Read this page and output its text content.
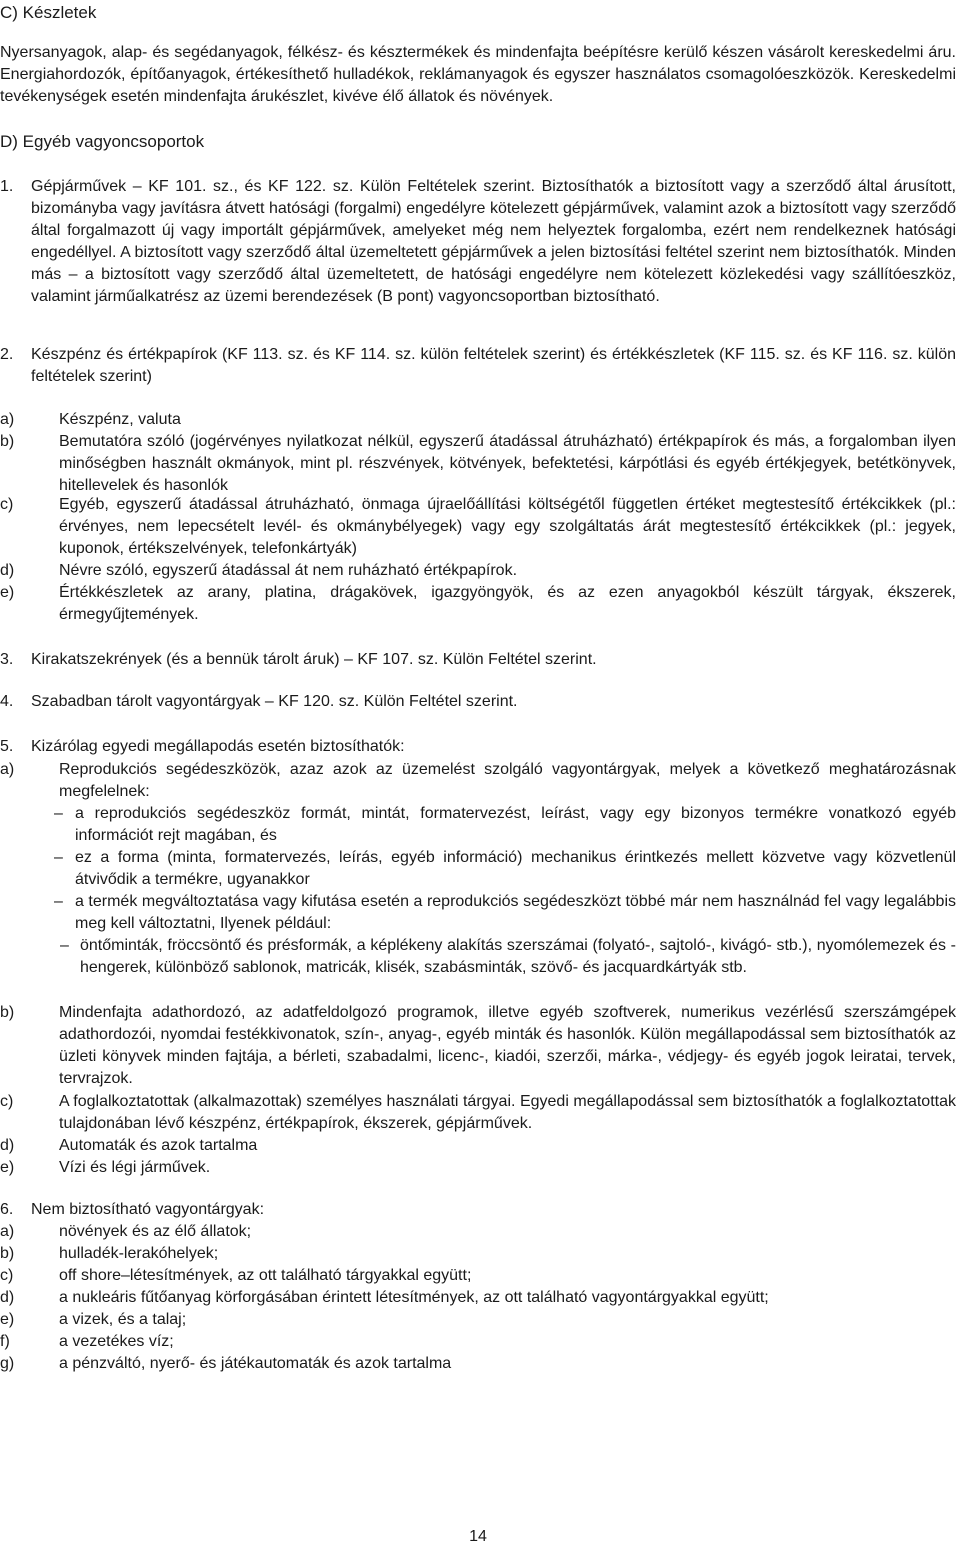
C) Készletek

Nyersanyagok, alap- és segédanyagok, félkész- és késztermékek és mindenfajta beépítésre kerülő készen vásárolt kereskedelmi áru. Energiahordozók, építőanyagok, értékesíthető hulladékok, reklámanyagok és egyszer használatos csomagolóeszközök. Kereskedelmi tevékenységek esetén mindenfajta árukészlet, kivéve élő állatok és növények.

D) Egyéb vagyoncsoportok
1. Gépjárművek – KF 101. sz., és KF 122. sz. Külön Feltételek szerint. Biztosíthatók a biztosított vagy a szerződő által árusított, bizományba vagy javításra átvett hatósági (forgalmi) engedélyre kötelezett gépjárművek, valamint azok a biztosított vagy szerződő által forgalmazott új vagy importált gépjárművek, amelyeket még nem helyeztek forgalomba, ezért nem rendelkeznek hatósági engedéllyel. A biztosított vagy szerződő által üzemeltetett gépjárművek a jelen biztosítási feltétel szerint nem biztosíthatók. Minden más – a biztosított vagy szerződő által üzemeltetett, de hatósági engedélyre nem kötelezett közlekedési vagy szállítóeszköz, valamint járműalkatrész az üzemi berendezések (B pont) vagyoncsoportban biztosítható.
2. Készpénz és értékpapírok (KF 113. sz. és KF 114. sz. külön feltételek szerint) és értékkészletek (KF 115. sz. és KF 116. sz. külön feltételek szerint)
a)	Készpénz, valuta
b)	Bemutatóra szóló (jogérvényes nyilatkozat nélkül, egyszerű átadással átruházható) értékpapírok és más, a forgalomban ilyen minőségben használt okmányok, mint pl. részvények, kötvények, befektetési, kárpótlási és egyéb értékjegyek, betétkönyvek, hitellevelek és hasonlók
c)	Egyéb, egyszerű átadással átruházható, önmaga újraelőállítási költségétől független értéket megtestesítő értékcikkek (pl.: érvényes, nem lepecsételt levél- és okmánybélyegek) vagy egy szolgáltatás árát megtestesítő értékcikkek (pl.: jegyek, kuponok, értékszelvények, telefonkártyák)
d)	Névre szóló, egyszerű átadással át nem ruházható értékpapírok.
e)	Értékkészletek az arany, platina, drágakövek, igazgyöngyök, és az ezen anyagokból készült tárgyak, ékszerek, érmegyűjtemények.
3. Kirakatszekrények (és a bennük tárolt áruk) – KF 107. sz. Külön Feltétel szerint.
4. Szabadban tárolt vagyontárgyak – KF 120. sz. Külön Feltétel szerint.
5. Kizárólag egyedi megállapodás esetén biztosíthatók:
a)	Reprodukciós segédeszközök, azaz azok az üzemelést szolgáló vagyontárgyak, melyek a következő meghatározásnak megfelelnek:
– a reprodukciós segédeszköz formát, mintát, formatervezést, leírást, vagy egy bizonyos termékre vonatkozó egyéb információt rejt magában, és
– ez a forma (minta, formatervezés, leírás, egyéb információ) mechanikus érintkezés mellett közvetve vagy közvetlenül átvivődik a termékre, ugyanakkor
– a termék megváltoztatása vagy kifutása esetén a reprodukciós segédeszközt többé már nem használnád fel vagy legalábbis meg kell változtatni, Ilyenek például:
– öntőminták, fröccsöntő és présformák, a képlékeny alakítás szerszámai (folyató-, sajtoló-, kivágó- stb.), nyomólemezek és -hengerek, különböző sablonok, matricák, klisék, szabásminták, szövő- és jacquardkártyák stb.
b)	Mindenfajta adathordozó, az adatfeldolgozó programok, illetve egyéb szoftverek, numerikus vezérlésű szerszámgépek adathordozói, nyomdai festékkivonatok, szín-, anyag-, egyéb minták és hasonlók. Külön megállapodással sem biztosíthatók az üzleti könyvek minden fajtája, a bérleti, szabadalmi, licenc-, kiadói, szerzői, márka-, védjegy- és egyéb jogok leiratai, tervek, tervrajzok.
c)	A foglalkoztatottak (alkalmazottak) személyes használati tárgyai. Egyedi megállapodással sem biztosíthatók a foglalkoztatottak tulajdonában lévő készpénz, értékpapírok, ékszerek, gépjárművek.
d)	Automaták és azok tartalma
e)	Vízi és légi járművek.
6. Nem biztosítható vagyontárgyak:
a)	növények és az élő állatok;
b)	hulladék-lerakóhelyek;
c)	off shore–létesítmények, az ott található tárgyakkal együtt;
d)	a nukleáris fűtőanyag körforgásában érintett létesítmények, az ott található vagyontárgyakkal együtt;
e)	a vizek, és a talaj;
f)	a vezetékes víz;
g)	a pénzváltó, nyerő- és játékautomaták és azok tartalma
14
